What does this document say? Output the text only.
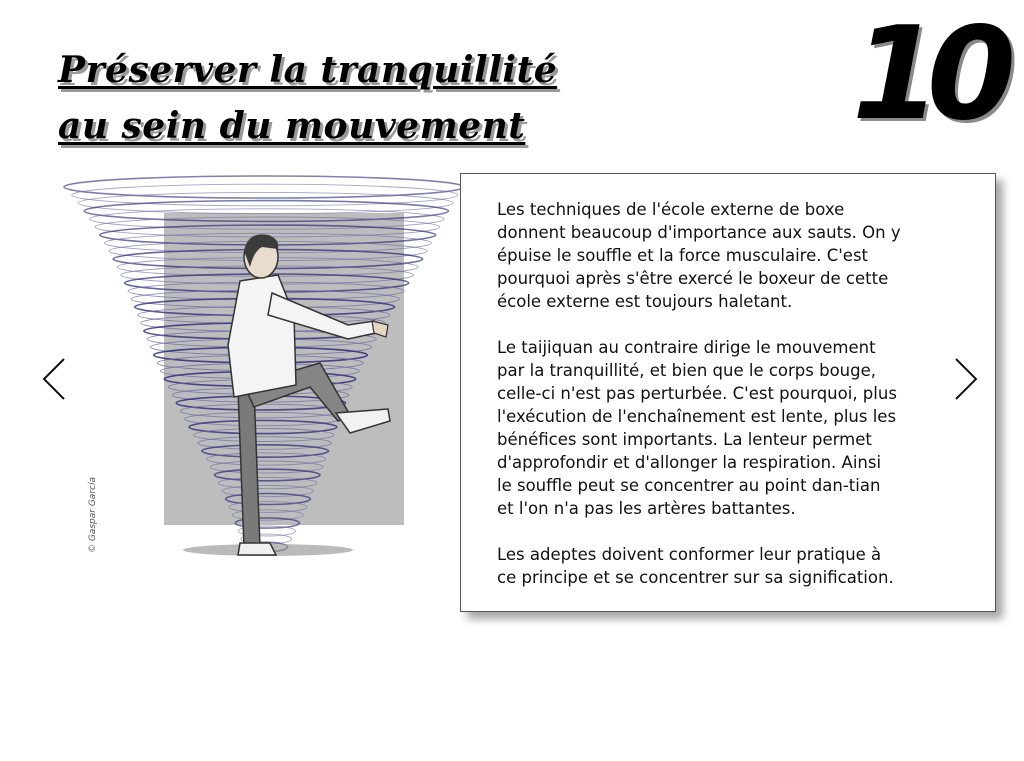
Préserver la tranquillité
au sein du mouvement	10
© Gaspar García

Les techniques de l'école externe de boxe
donnent beaucoup d'importance aux sauts. On y
épuise le souffle et la force musculaire. C'est
pourquoi après s'être exercé le boxeur de cette
école externe est toujours haletant.

Le taijiquan au contraire dirige le mouvement
par la tranquillité, et bien que le corps bouge,
celle-ci n'est pas perturbée. C'est pourquoi, plus
l'exécution de l'enchaînement est lente, plus les
bénéfices sont importants. La lenteur permet
d'approfondir et d'allonger la respiration. Ainsi
le souffle peut se concentrer au point dan-tian
et l'on n'a pas les artères battantes.

Les adeptes doivent conformer leur pratique à
ce principe et se concentrer sur sa signification.
